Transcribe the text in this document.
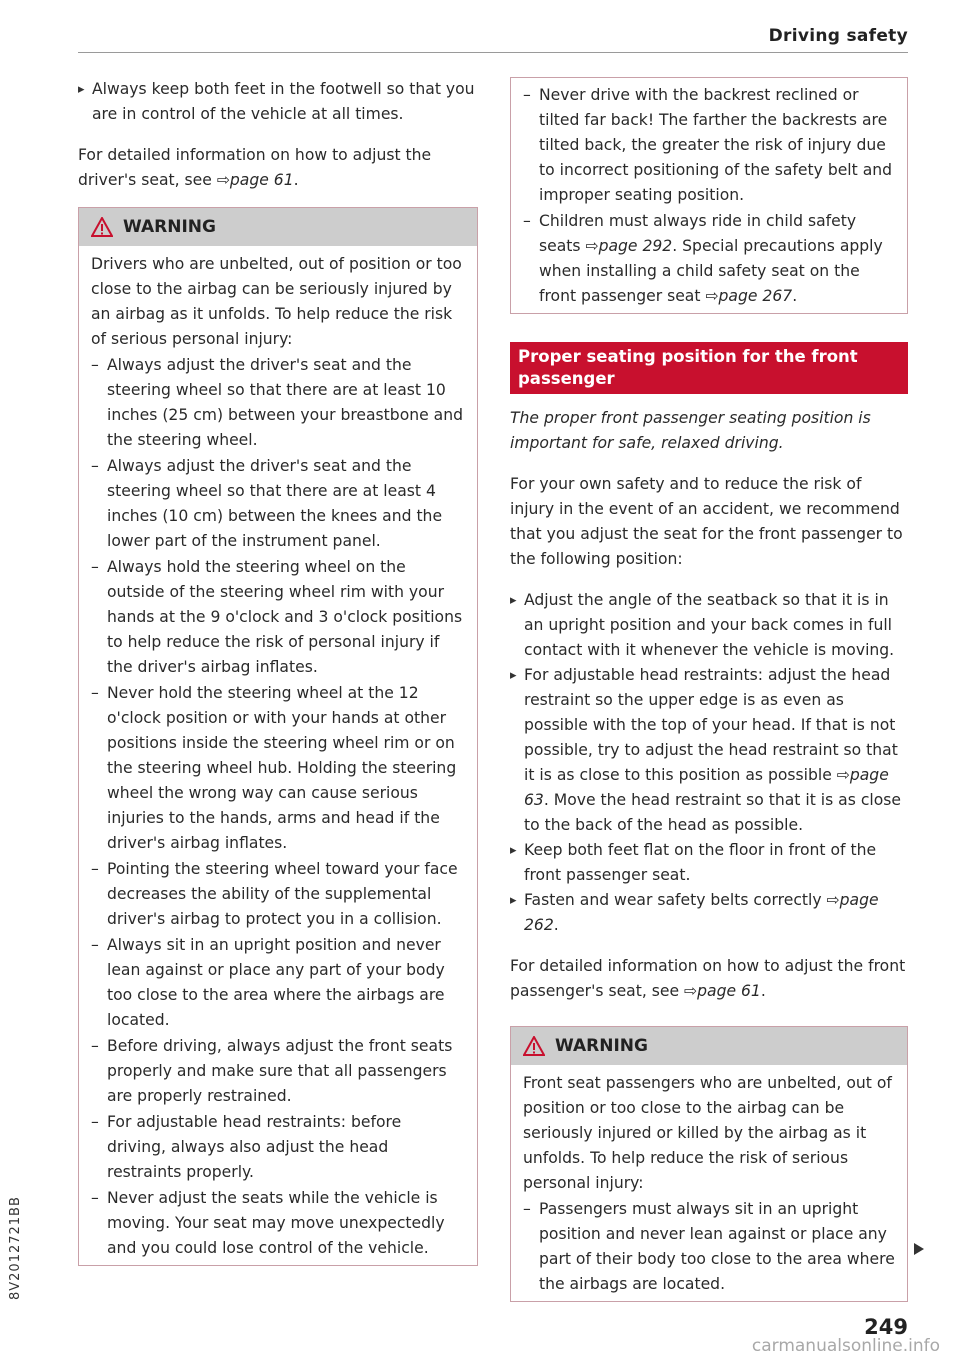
Driving safety

▸ Always keep both feet in the footwell so that you are in control of the vehicle at all times.

For detailed information on how to adjust the driver's seat, see ⇨page 61.

WARNING

Drivers who are unbelted, out of position or too close to the airbag can be seriously injured by an airbag as it unfolds. To help reduce the risk of serious personal injury:

– Always adjust the driver's seat and the steering wheel so that there are at least 10 inches (25 cm) between your breastbone and the steering wheel.

– Always adjust the driver's seat and the steering wheel so that there are at least 4 inches (10 cm) between the knees and the lower part of the instrument panel.

– Always hold the steering wheel on the outside of the steering wheel rim with your hands at the 9 o'clock and 3 o'clock positions to help reduce the risk of personal injury if the driver's airbag inflates.

– Never hold the steering wheel at the 12 o'clock position or with your hands at other positions inside the steering wheel rim or on the steering wheel hub. Holding the steering wheel the wrong way can cause serious injuries to the hands, arms and head if the driver's airbag inflates.

– Pointing the steering wheel toward your face decreases the ability of the supplemental driver's airbag to protect you in a collision.

– Always sit in an upright position and never lean against or place any part of your body too close to the area where the airbags are located.

– Before driving, always adjust the front seats properly and make sure that all passengers are properly restrained.

– For adjustable head restraints: before driving, always also adjust the head restraints properly.

– Never adjust the seats while the vehicle is moving. Your seat may move unexpectedly and you could lose control of the vehicle.

– Never drive with the backrest reclined or tilted far back! The farther the backrests are tilted back, the greater the risk of injury due to incorrect positioning of the safety belt and improper seating position.

– Children must always ride in child safety seats ⇨page 292. Special precautions apply when installing a child safety seat on the front passenger seat ⇨page 267.

Proper seating position for the front passenger

The proper front passenger seating position is important for safe, relaxed driving.

For your own safety and to reduce the risk of injury in the event of an accident, we recommend that you adjust the seat for the front passenger to the following position:

▸ Adjust the angle of the seatback so that it is in an upright position and your back comes in full contact with it whenever the vehicle is moving.

▸ For adjustable head restraints: adjust the head restraint so the upper edge is as even as possible with the top of your head. If that is not possible, try to adjust the head restraint so that it is as close to this position as possible ⇨page 63. Move the head restraint so that it is as close to the back of the head as possible.

▸ Keep both feet flat on the floor in front of the front passenger seat.

▸ Fasten and wear safety belts correctly ⇨page 262.

For detailed information on how to adjust the front passenger's seat, see ⇨page 61.

WARNING

Front seat passengers who are unbelted, out of position or too close to the airbag can be seriously injured or killed by the airbag as it unfolds. To help reduce the risk of serious personal injury:

– Passengers must always sit in an upright position and never lean against or place any part of their body too close to the area where the airbags are located.

8V2012721BB
249
carmanualsonline.info
